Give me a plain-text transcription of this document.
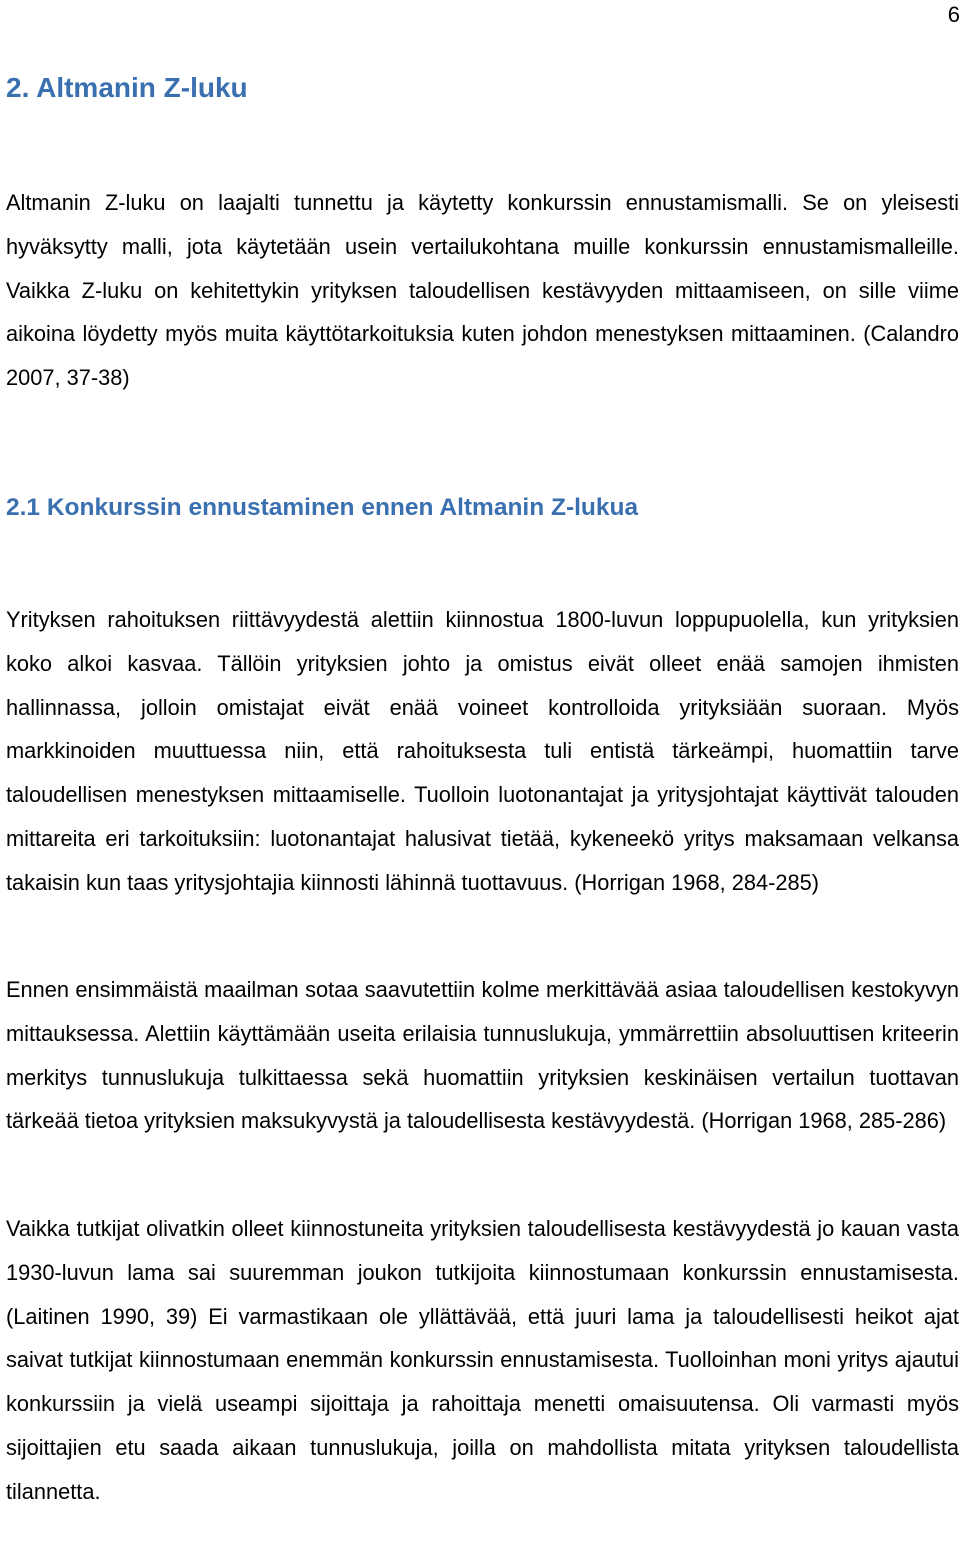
6
2. Altmanin Z-luku

Altmanin Z-luku on laajalti tunnettu ja käytetty konkurssin ennustamismalli. Se on yleisesti hyväksytty malli, jota käytetään usein vertailukohtana muille konkurssin ennustamismalleille. Vaikka Z-luku on kehitettykin yrityksen taloudellisen kestävyyden mittaamiseen, on sille viime aikoina löydetty myös muita käyttötarkoituksia kuten johdon menestyksen mittaaminen. (Calandro 2007, 37-38)

2.1 Konkurssin ennustaminen ennen Altmanin Z-lukua

Yrityksen rahoituksen riittävyydestä alettiin kiinnostua 1800-luvun loppupuolella, kun yrityksien koko alkoi kasvaa. Tällöin yrityksien johto ja omistus eivät olleet enää samojen ihmisten hallinnassa, jolloin omistajat eivät enää voineet kontrolloida yrityksiään suoraan. Myös markkinoiden muuttuessa niin, että rahoituksesta tuli entistä tärkeämpi, huomattiin tarve taloudellisen menestyksen mittaamiselle. Tuolloin luotonantajat ja yritysjohtajat käyttivät talouden mittareita eri tarkoituksiin: luotonantajat halusivat tietää, kykeneekö yritys maksamaan velkansa takaisin kun taas yritysjohtajia kiinnosti lähinnä tuottavuus. (Horrigan 1968, 284-285)

Ennen ensimmäistä maailman sotaa saavutettiin kolme merkittävää asiaa taloudellisen kestokyvyn mittauksessa. Alettiin käyttämään useita erilaisia tunnuslukuja, ymmärrettiin absoluuttisen kriteerin merkitys tunnuslukuja tulkittaessa sekä huomattiin yrityksien keskinäisen vertailun tuottavan tärkeää tietoa yrityksien maksukyvystä ja taloudellisesta kestävyydestä. (Horrigan 1968, 285-286)

Vaikka tutkijat olivatkin olleet kiinnostuneita yrityksien taloudellisesta kestävyydestä jo kauan vasta 1930-luvun lama sai suuremman joukon tutkijoita kiinnostumaan konkurssin ennustamisesta. (Laitinen 1990, 39) Ei varmastikaan ole yllättävää, että juuri lama ja taloudellisesti heikot ajat saivat tutkijat kiinnostumaan enemmän konkurssin ennustamisesta. Tuolloinhan moni yritys ajautui konkurssiin ja vielä useampi sijoittaja ja rahoittaja menetti omaisuutensa. Oli varmasti myös sijoittajien etu saada aikaan tunnuslukuja, joilla on mahdollista mitata yrityksen taloudellista tilannetta.
